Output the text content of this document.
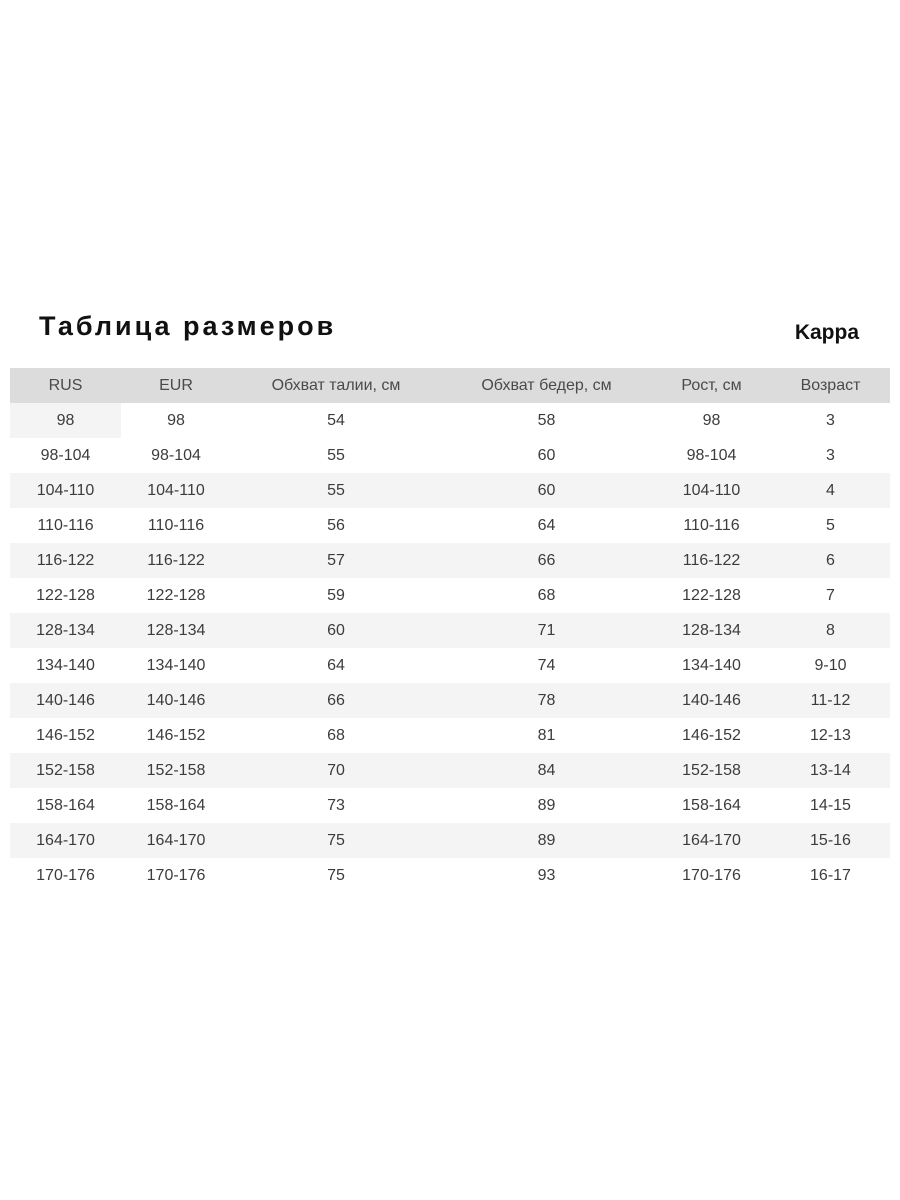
Таблица размеров	Kappa
RUS	EUR	Обхват талии, см	Обхват бедер, см	Рост, см	Возраст
98	98	54	58	98	3
98-104	98-104	55	60	98-104	3
104-110	104-110	55	60	104-110	4
110-116	110-116	56	64	110-116	5
116-122	116-122	57	66	116-122	6
122-128	122-128	59	68	122-128	7
128-134	128-134	60	71	128-134	8
134-140	134-140	64	74	134-140	9-10
140-146	140-146	66	78	140-146	11-12
146-152	146-152	68	81	146-152	12-13
152-158	152-158	70	84	152-158	13-14
158-164	158-164	73	89	158-164	14-15
164-170	164-170	75	89	164-170	15-16
170-176	170-176	75	93	170-176	16-17
